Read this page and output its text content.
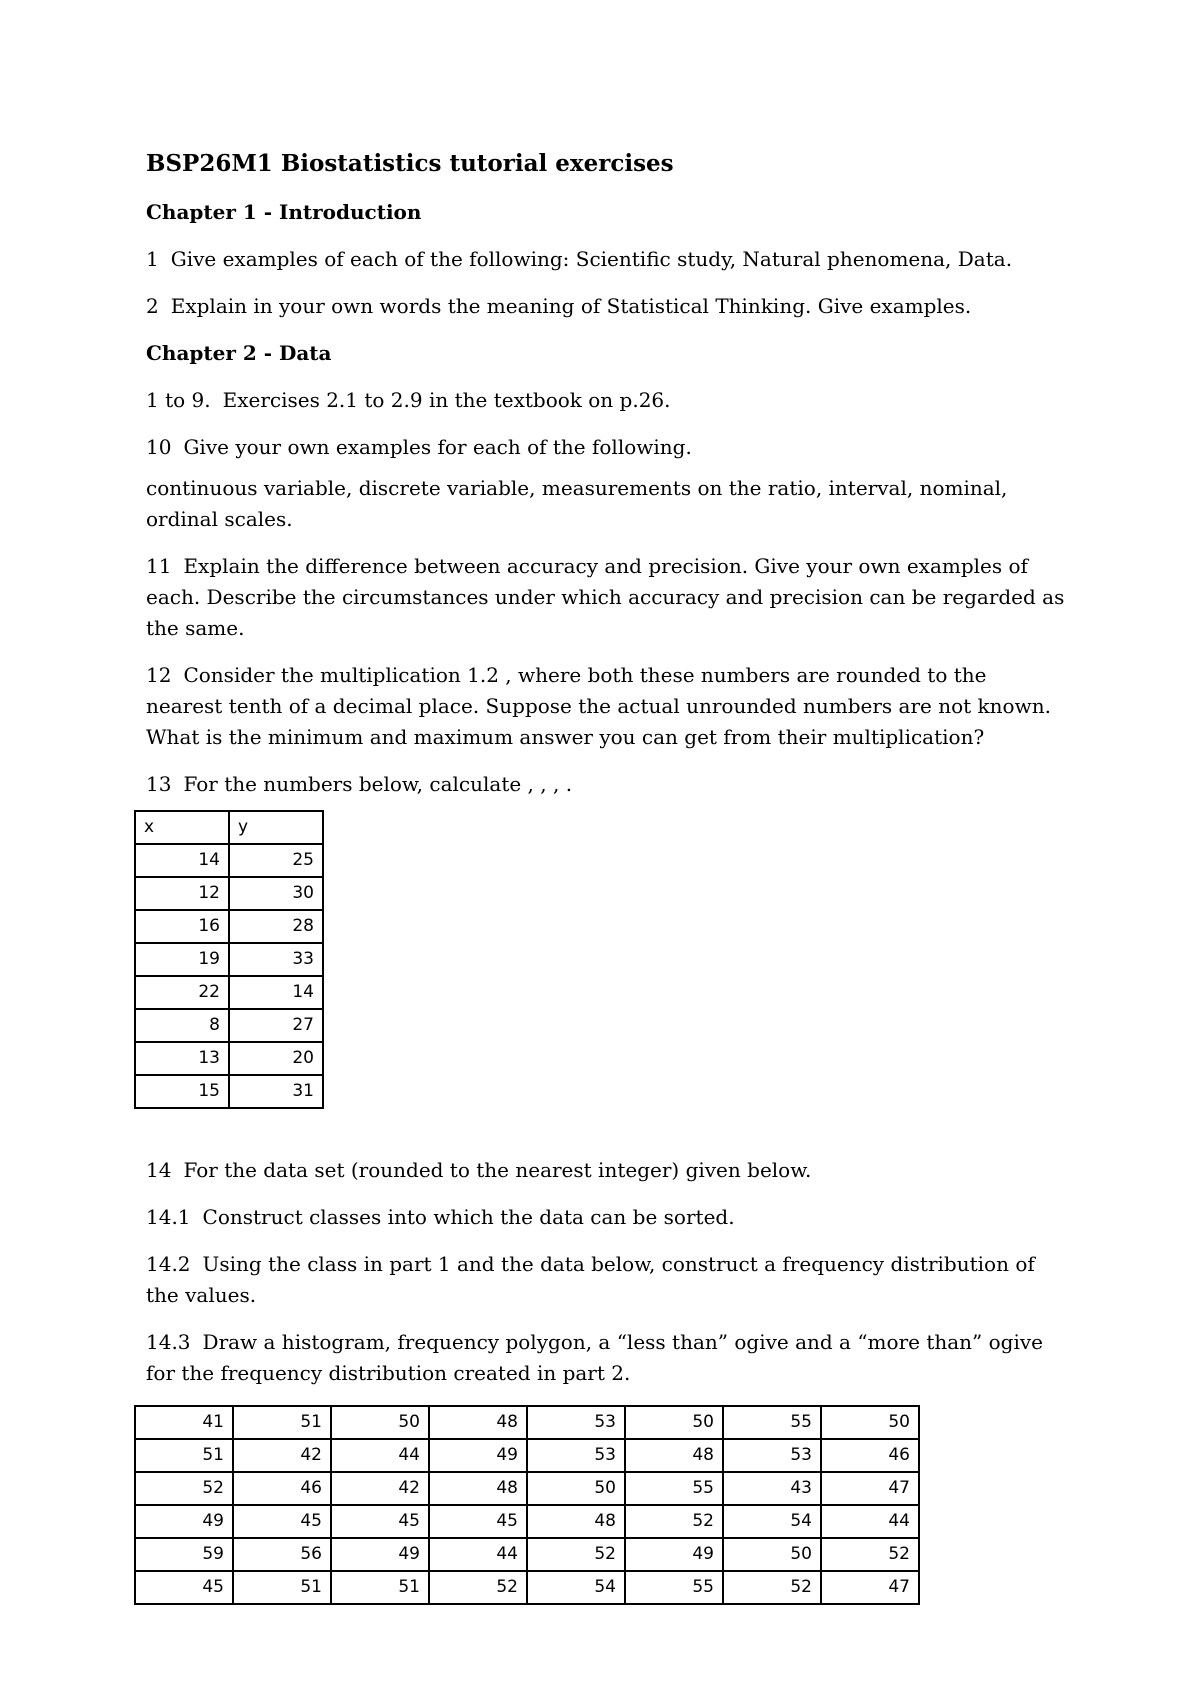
BSP26M1 Biostatistics tutorial exercises
Chapter 1 - Introduction

1 Give examples of each of the following: Scientific study, Natural phenomena, Data.

2 Explain in your own words the meaning of Statistical Thinking. Give examples.

Chapter 2 - Data

1 to 9. Exercises 2.1 to 2.9 in the textbook on p.26.

10 Give your own examples for each of the following.

continuous variable, discrete variable, measurements on the ratio, interval, nominal, ordinal scales.

11 Explain the difference between accuracy and precision. Give your own examples of each. Describe the circumstances under which accuracy and precision can be regarded as the same.

12 Consider the multiplication 1.2 , where both these numbers are rounded to the nearest tenth of a decimal place. Suppose the actual unrounded numbers are not known. What is the minimum and maximum answer you can get from their multiplication?

13 For the numbers below, calculate , , , .

x	y
14	25
12	30
16	28
19	33
22	14
8	27
13	20
15	31

14 For the data set (rounded to the nearest integer) given below.

14.1 Construct classes into which the data can be sorted.

14.2 Using the class in part 1 and the data below, construct a frequency distribution of the values.

14.3 Draw a histogram, frequency polygon, a “less than” ogive and a “more than” ogive for the frequency distribution created in part 2.

41	51	50	48	53	50	55	50
51	42	44	49	53	48	53	46
52	46	42	48	50	55	43	47
49	45	45	45	48	52	54	44
59	56	49	44	52	49	50	52
45	51	51	52	54	55	52	47
